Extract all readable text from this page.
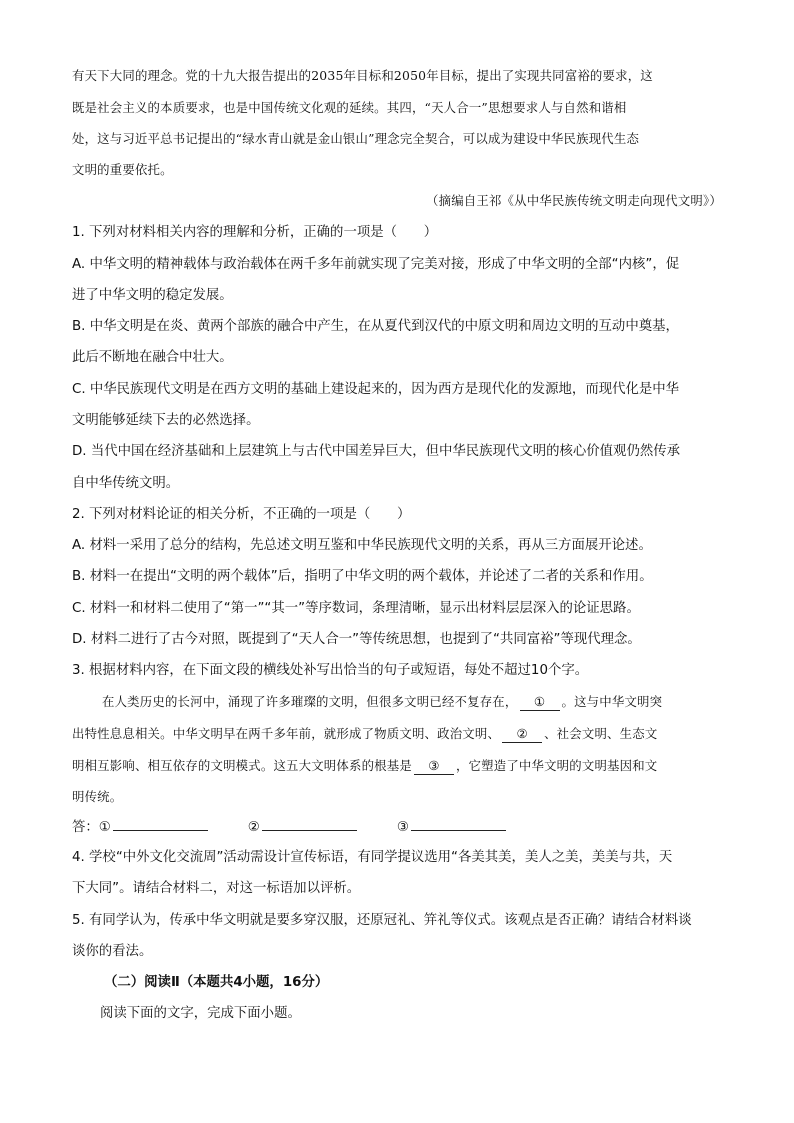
有天下大同的理念。党的十九大报告提出的2035年目标和2050年目标，提出了实现共同富裕的要求，这
既是社会主义的本质要求，也是中国传统文化观的延续。其四，“天人合一”思想要求人与自然和谐相
处，这与习近平总书记提出的“绿水青山就是金山银山”理念完全契合，可以成为建设中华民族现代生态
文明的重要依托。
（摘编自王祁《从中华民族传统文明走向现代文明》）
1. 下列对材料相关内容的理解和分析，正确的一项是（　　）
A. 中华文明的精神载体与政治载体在两千多年前就实现了完美对接，形成了中华文明的全部“内核”，促
进了中华文明的稳定发展。
B. 中华文明是在炎、黄两个部族的融合中产生，在从夏代到汉代的中原文明和周边文明的互动中奠基，
此后不断地在融合中壮大。
C. 中华民族现代文明是在西方文明的基础上建设起来的，因为西方是现代化的发源地，而现代化是中华
文明能够延续下去的必然选择。
D. 当代中国在经济基础和上层建筑上与古代中国差异巨大，但中华民族现代文明的核心价值观仍然传承
自中华传统文明。
2. 下列对材料论证的相关分析，不正确的一项是（　　）
A. 材料一采用了总分的结构，先总述文明互鉴和中华民族现代文明的关系，再从三方面展开论述。
B. 材料一在提出“文明的两个载体”后，指明了中华文明的两个载体，并论述了二者的关系和作用。
C. 材料一和材料二使用了“第一”“其一”等序数词，条理清晰，显示出材料层层深入的论证思路。
D. 材料二进行了古今对照，既提到了“天人合一”等传统思想，也提到了“共同富裕”等现代理念。
3. 根据材料内容，在下面文段的横线处补写出恰当的句子或短语，每处不超过10个字。
在人类历史的长河中，涌现了许多璀璨的文明，但很多文明已经不复存在， ① 。这与中华文明突
出特性息息相关。中华文明早在两千多年前，就形成了物质文明、政治文明、 ② 、社会文明、生态文
明相互影响、相互依存的文明模式。这五大文明体系的根基是 ③ ，它塑造了中华文明的文明基因和文
明传统。
答：①	②	③
4. 学校“中外文化交流周”活动需设计宣传标语，有同学提议选用“各美其美，美人之美，美美与共，天
下大同”。请结合材料二，对这一标语加以评析。
5. 有同学认为，传承中华文明就是要多穿汉服，还原冠礼、笄礼等仪式。该观点是否正确？请结合材料谈
谈你的看法。
（二）阅读Ⅱ（本题共4小题，16分）
阅读下面的文字，完成下面小题。
